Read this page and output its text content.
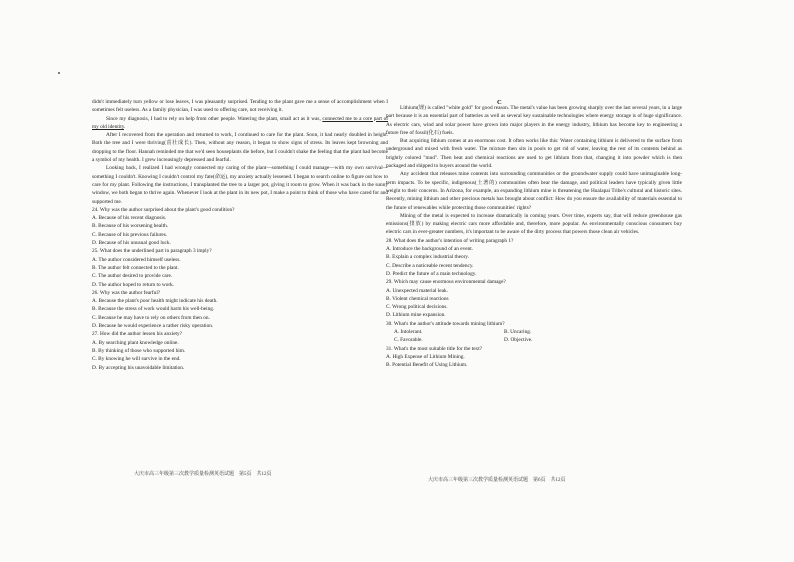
didn't immediately turn yellow or lose leaves, I was pleasantly surprised. Tending to the plant gave me a sense of accomplishment when I sometimes felt useless. As a family physician, I was used to offering care, not receiving it.

Since my diagnosis, I had to rely on help from other people. Watering the plant, small act as it was, connected me to a core part of my old identity.

After I recovered from the operation and returned to work, I continued to care for the plant. Soon, it had nearly doubled in height. Both the tree and I were thriving(茁壮成长). Then, without any reason, it began to show signs of stress. Its leaves kept browning and dropping to the floor. Hannah reminded me that we'd seen houseplants die before, but I couldn't shake the feeling that the plant had become a symbol of my health. I grew increasingly depressed and fearful.

Looking back, I realized I had wrongly connected my caring of the plant—something I could manage—with my own survival—something I couldn't. Knowing I couldn't control my fate(命运), my anxiety actually lessened. I began to search online to figure out how to care for my plant. Following the instructions, I transplanted the tree to a larger pot, giving it room to grow. When it was back in the sunny window, we both began to thrive again. Whenever I look at the plant in its new pot, I make a point to think of those who have cared for and supported me.

24. Why was the author surprised about the plant's good condition?

A. Because of his recent diagnosis.

B. Because of his worsening health.

C. Because of his previous failures.

D. Because of his unusual good luck.

25. What does the underlined part in paragraph 3 imply?

A. The author considered himself useless.

B. The author felt connected to the plant.

C. The author desired to provide care.

D. The author hoped to return to work.

26. Why was the author fearful?

A. Because the plant's poor health might indicate his death.

B. Because the stress of work would harm his well-being.

C. Because he may have to rely on others from then on.

D. Because he would experience a rather risky operation.

27. How did the author lessen his anxiety?

A. By searching plant knowledge online.

B. By thinking of those who supported him.

C. By knowing he will survive in the end.

D. By accepting his unavoidable limitation.

C

Lithium(锂) is called "white gold" for good reason. The metal's value has been growing sharply over the last several years, in a large part because it is an essential part of batteries as well as several key sustainable technologies where energy storage is of huge significance. As electric cars, wind and solar power have grown into major players in the energy industry, lithium has become key to engineering a future free of fossil(化石) fuels.

But acquiring lithium comes at an enormous cost. It often works like this: Water containing lithium is delivered to the surface from underground and mixed with fresh water. The mixture then sits in pools to get rid of water, leaving the rest of its contents behind as brightly colored "mud". Then heat and chemical reactions are used to get lithium from that, changing it into powder which is then packaged and shipped to buyers around the world.

Any accident that releases mine contents into surrounding communities or the groundwater supply could have unimaginable long-term impacts. To be specific, indigenous(土著的) communities often bear the damage, and political leaders have typically given little weight to their concerns. In Arizona, for example, an expanding lithium mine is threatening the Hualapai Tribe's cultural and historic sites. Recently, mining lithium and other precious metals has brought about conflict: How do you ensure the availability of materials essential to the future of renewables while protecting those communities' rights?

Mining of the metal is expected to increase dramatically in coming years. Over time, experts say, that will reduce greenhouse gas emissions(排放) by making electric cars more affordable and, therefore, more popular. As environmentally conscious consumers buy electric cars in ever-greater numbers, it's important to be aware of the dirty process that powers those clean air vehicles.

28. What does the author's intention of writing paragraph 1?

A. Introduce the background of an event.

B. Explain a complex industrial theory.

C. Describe a noticeable recent tendency.

D. Predict the future of a main technology.

29. Which may cause enormous environmental damage?

A. Unexpected material leak.

B. Violent chemical reactions

C. Wrong political decisions.

D. Lithium mine expansion.

30. What's the author's attitude towards mining lithium?

A. Intolerant.	B. Uncaring.
C. Favorable.	D. Objective.

31. What's the most suitable title for the text?

A. High Expense of Lithium Mining.

B. Potential Benefit of Using Lithium.

大庆市高三年级第三次教学质量检测英语试题　第5页　共12页
大庆市高三年级第三次教学质量检测英语试题　第6页　共12页
